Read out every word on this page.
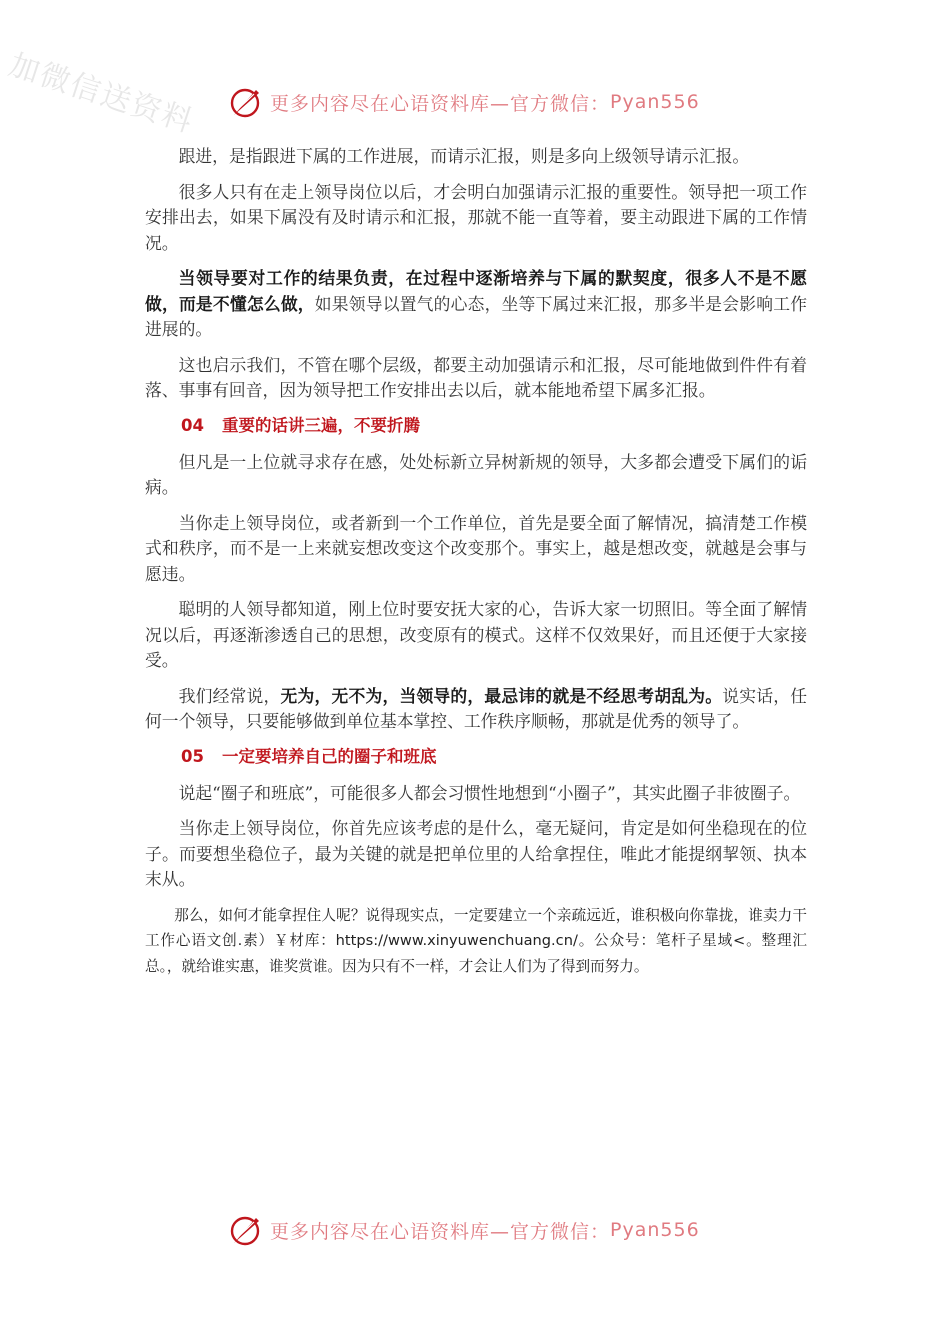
加微信送资料	更多内容尽在心语资料库—官方微信： Pyan556

跟进，是指跟进下属的工作进展，而请示汇报，则是多向上级领导请示汇报。

很多人只有在走上领导岗位以后，才会明白加强请示汇报的重要性。领导把一项工作安排出去，如果下属没有及时请示和汇报，那就不能一直等着，要主动跟进下属的工作情况。

当领导要对工作的结果负责，在过程中逐渐培养与下属的默契度，很多人不是不愿做，而是不懂怎么做，如果领导以置气的心态，坐等下属过来汇报，那多半是会影响工作进展的。

这也启示我们，不管在哪个层级，都要主动加强请示和汇报，尽可能地做到件件有着落、事事有回音，因为领导把工作安排出去以后，就本能地希望下属多汇报。

04 重要的话讲三遍，不要折腾

但凡是一上位就寻求存在感，处处标新立异树新规的领导，大多都会遭受下属们的诟病。

当你走上领导岗位，或者新到一个工作单位，首先是要全面了解情况，搞清楚工作模式和秩序，而不是一上来就妄想改变这个改变那个。事实上，越是想改变，就越是会事与愿违。

聪明的人领导都知道，刚上位时要安抚大家的心，告诉大家一切照旧。等全面了解情况以后，再逐渐渗透自己的思想，改变原有的模式。这样不仅效果好，而且还便于大家接受。

我们经常说，无为，无不为，当领导的，最忌讳的就是不经思考胡乱为。说实话，任何一个领导，只要能够做到单位基本掌控、工作秩序顺畅，那就是优秀的领导了。

05 一定要培养自己的圈子和班底

说起“圈子和班底”，可能很多人都会习惯性地想到“小圈子”，其实此圈子非彼圈子。

当你走上领导岗位，你首先应该考虑的是什么，毫无疑问，肯定是如何坐稳现在的位子。而要想坐稳位子，最为关键的就是把单位里的人给拿捏住，唯此才能提纲挈领、执本末从。

那么，如何才能拿捏住人呢？说得现实点，一定要建立一个亲疏远近，谁积极向你靠拢，谁卖力干工作心语文创.素）￥材库：https://www.xinyuwenchuang.cn/。公众号：笔杆子星域<。整理汇总。，就给谁实惠，谁奖赏谁。因为只有不一样，才会让人们为了得到而努力。

更多内容尽在心语资料库—官方微信： Pyan556
